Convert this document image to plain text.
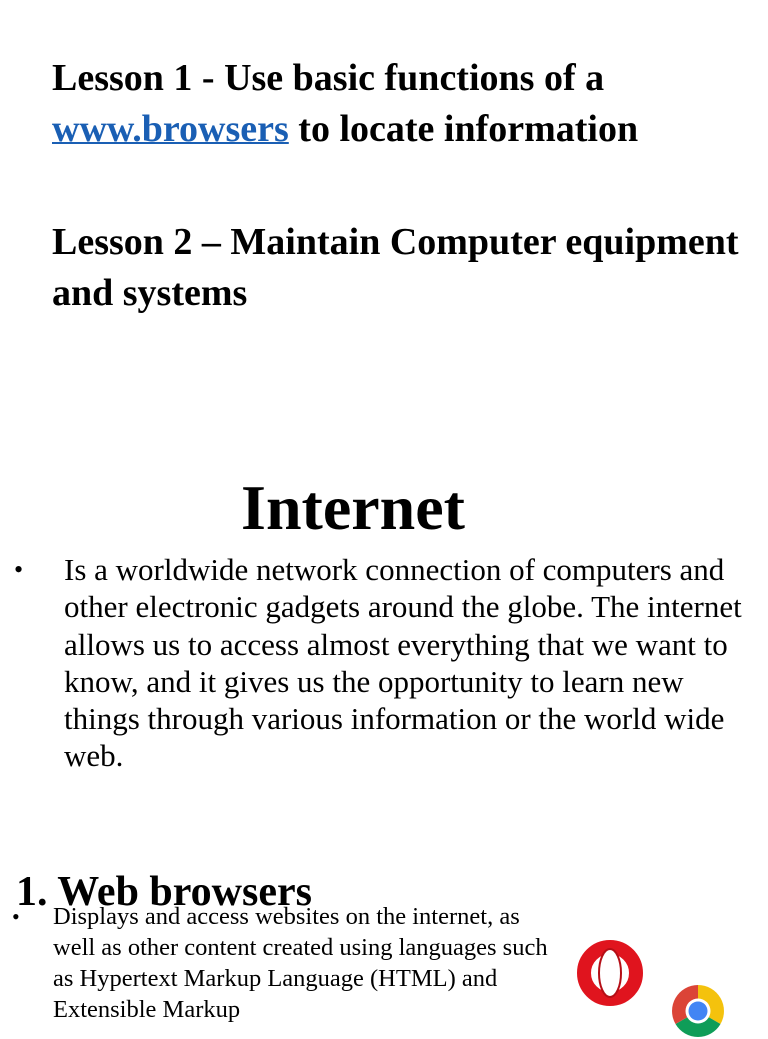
Lesson 1 - Use basic functions of a www.browsers to locate information
Lesson 2 – Maintain Computer equipment and systems
Internet
•	Is a worldwide network connection of computers and other electronic gadgets around the globe. The internet allows us to access almost everything that we want to know, and it gives us the opportunity to learn new things through various information or the world wide web.
1. Web browsers
•	Displays and access websites on the internet, as well as other content created using languages such as Hypertext Markup Language (HTML) and Extensible Markup
